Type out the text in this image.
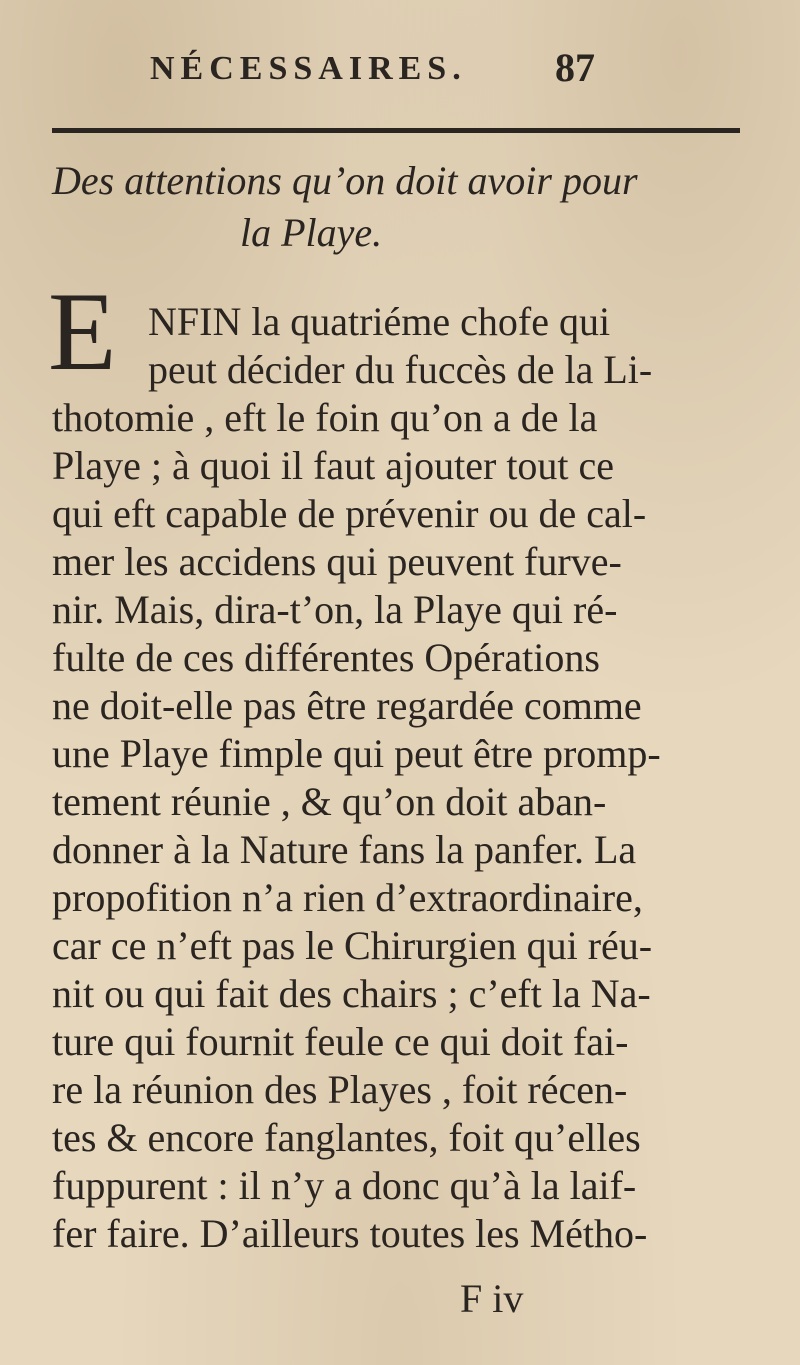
NÉCESSAIRES.	87
Des attentions qu’on doit avoir pour
la Playe.
E NFIN la quatriéme chofe qui
peut décider du fuccès de la Li-
thotomie , eft le foin qu’on a de la
Playe ; à quoi il faut ajouter tout ce
qui eft capable de prévenir ou de cal-
mer les accidens qui peuvent furve-
nir. Mais, dira-t’on, la Playe qui ré-
fulte de ces différentes Opérations
ne doit-elle pas être regardée comme
une Playe fimple qui peut être promp-
tement réunie , & qu’on doit aban-
donner à la Nature fans la panfer. La
propofition n’a rien d’extraordinaire,
car ce n’eft pas le Chirurgien qui réu-
nit ou qui fait des chairs ; c’eft la Na-
ture qui fournit feule ce qui doit fai-
re la réunion des Playes , foit récen-
tes & encore fanglantes, foit qu’elles
fuppurent : il n’y a donc qu’à la laif-
fer faire. D’ailleurs toutes les Métho-
F iv
